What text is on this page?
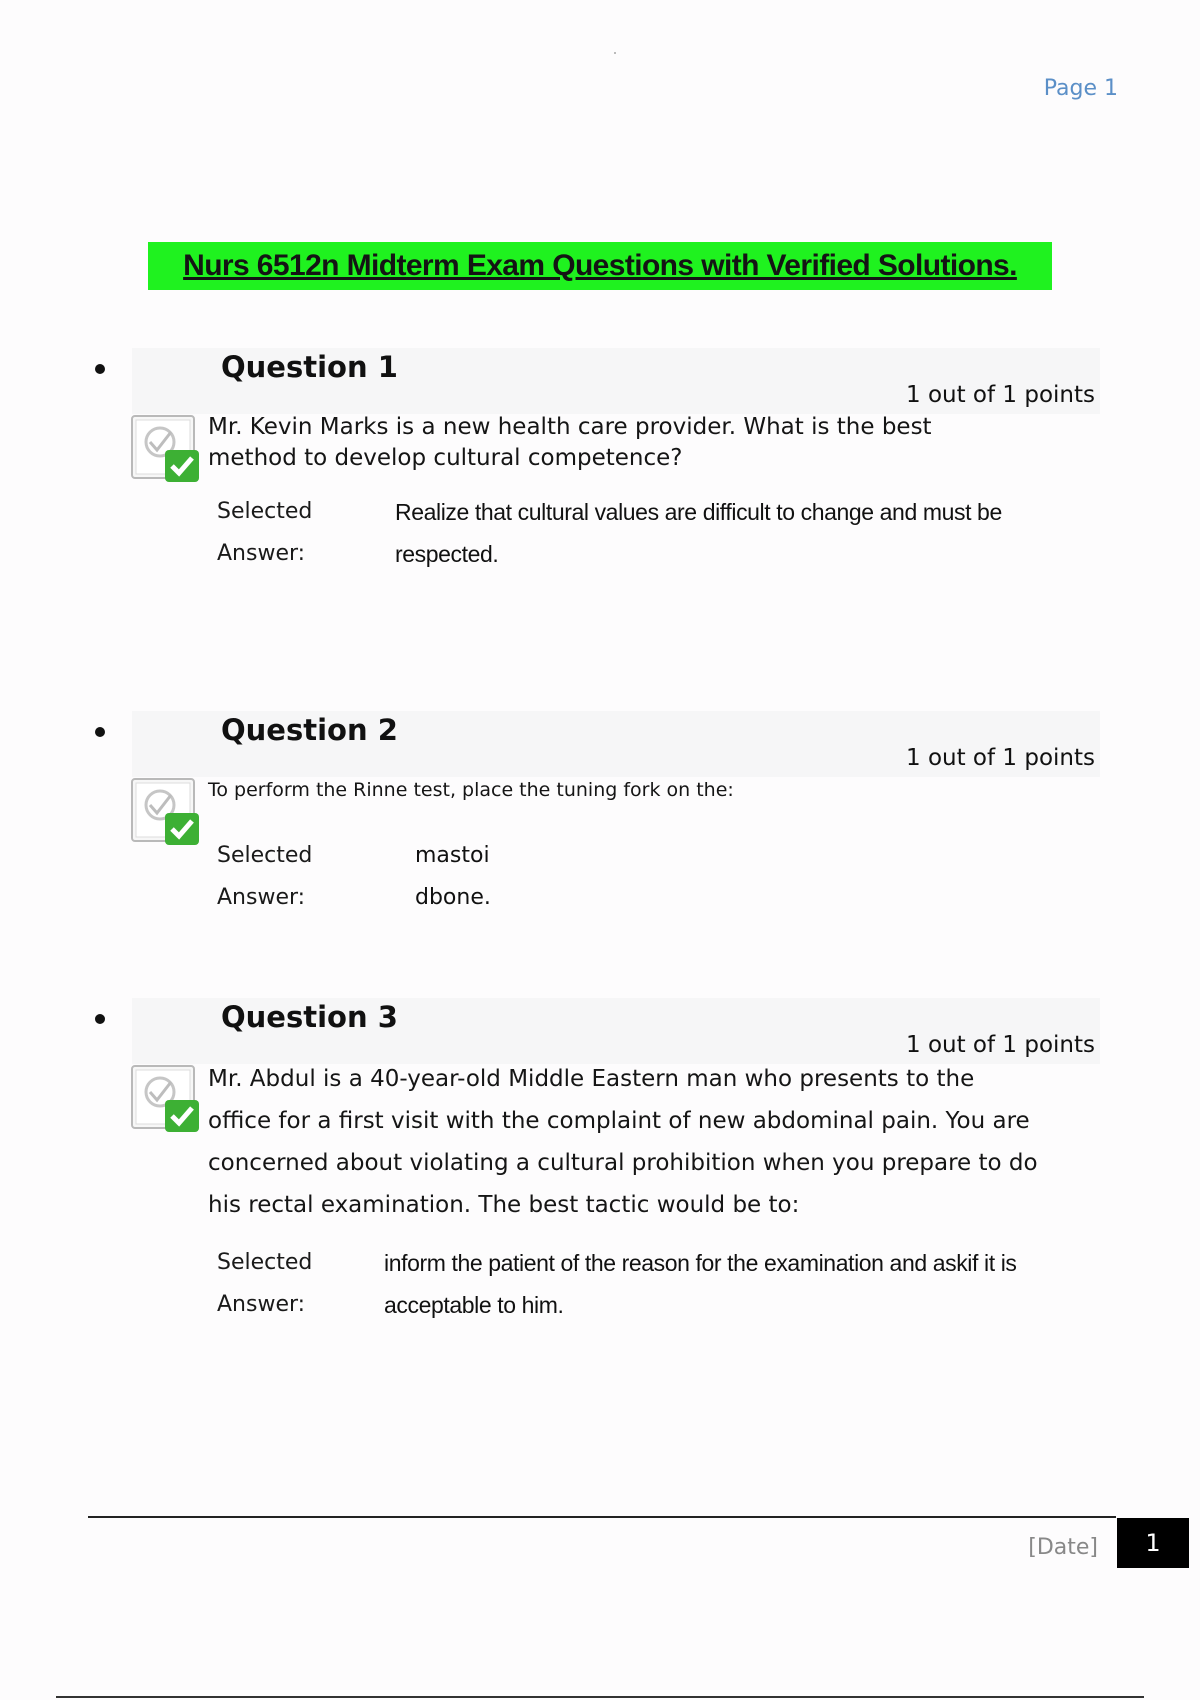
Page 1
Nurs 6512n Midterm Exam Questions with Verified Solutions.
Question 1
1 out of 1 points
Mr. Kevin Marks is a new health care provider. What is the best method to develop cultural competence?
Selected
Answer:
Realize that cultural values are difficult to change and must be respected.
Question 2
1 out of 1 points
To perform the Rinne test, place the tuning fork on the:
Selected
Answer:
mastoi
dbone.
Question 3
1 out of 1 points
Mr. Abdul is a 40-year-old Middle Eastern man who presents to the office for a first visit with the complaint of new abdominal pain. You are concerned about violating a cultural prohibition when you prepare to do his rectal examination. The best tactic would be to:
Selected
Answer:
inform the patient of the reason for the examination and askif it is acceptable to him.
[Date]	1
